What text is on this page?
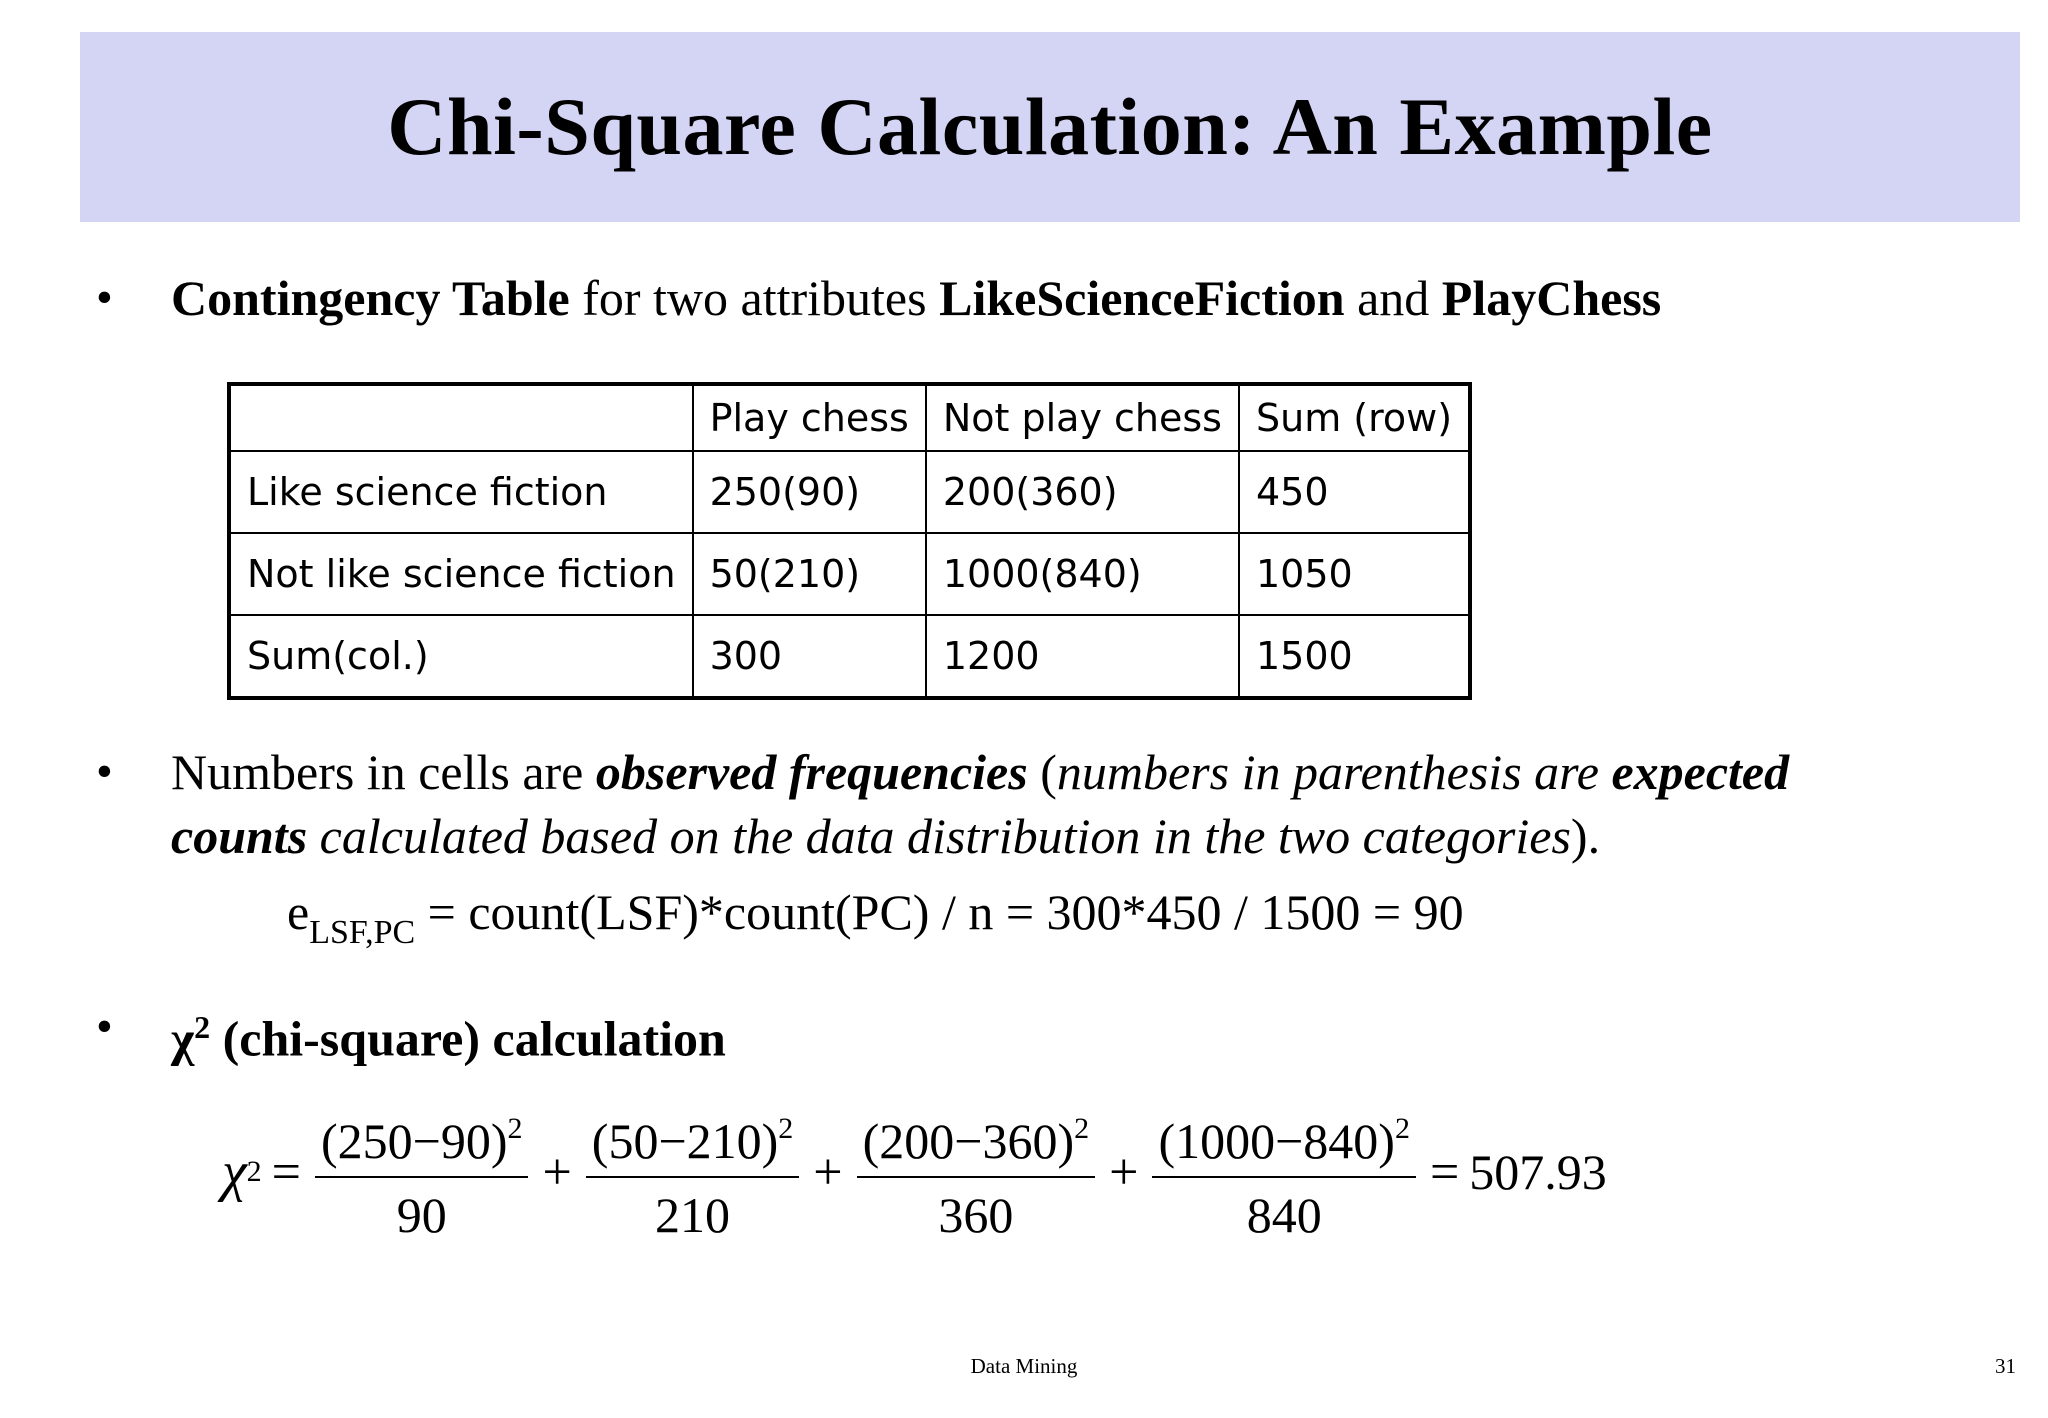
Chi-Square Calculation: An Example
•	Contingency Table for two attributes LikeScienceFiction and PlayChess
	Play chess	Not play chess	Sum (row)
Like science fiction	250(90)	200(360)	450
Not like science fiction	50(210)	1000(840)	1050
Sum(col.)	300	1200	1500
•	Numbers in cells are observed frequencies (numbers in parenthesis are expected
counts calculated based on the data distribution in the two categories).
$e_{LSF,PC}$ = count(LSF)*count(PC) / n = 300*450 / 1500 = 90
•	$\chi^2$ (chi-square) calculation
χ $2 = \frac{(250-90)^2}{90} + \frac{(50-210)^2}{210} + \frac{(200-360)^2}{360} + \frac{(1000-840)^2}{840} = 507.93$
Data Mining	31
